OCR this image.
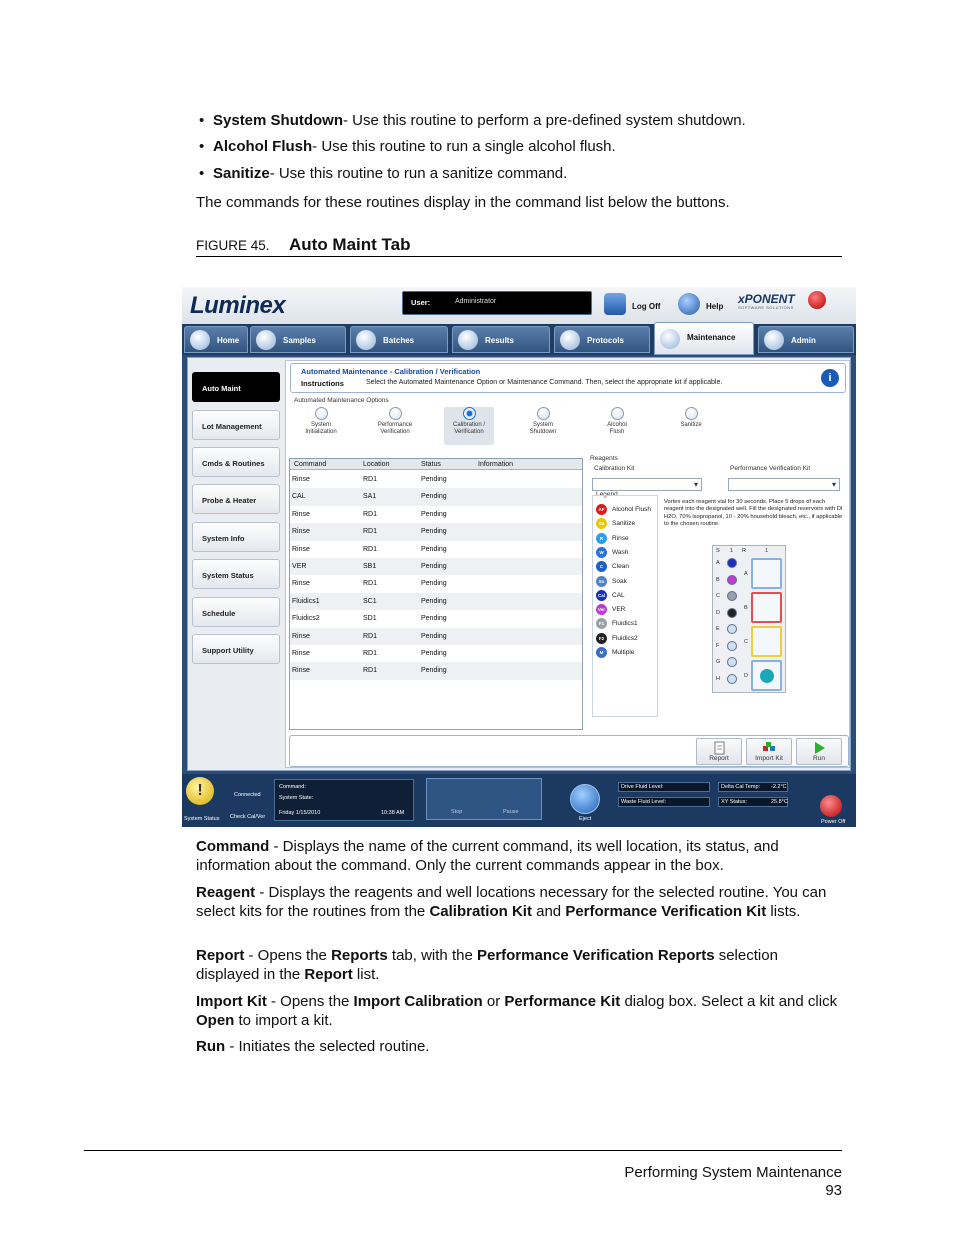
• System Shutdown- Use this routine to perform a pre-defined system shutdown.
• Alcohol Flush- Use this routine to run a single alcohol flush.
• Sanitize- Use this routine to run a sanitize command.
The commands for these routines display in the command list below the buttons.
FIGURE 45. Auto Maint Tab
Luminex	User:	Administrator
Log Off	Help
xPONENT
SOFTWARE SOLUTIONS
Home	Samples	Batches	Results	Protocols	Maintenance	Admin
Auto Maint
Lot Management
Cmds & Routines
Probe & Heater
System Info
System Status
Schedule
Support Utility
Automated Maintenance - Calibration / Verification
Instructions	Select the Automated Maintenance Option or Maintenance Command. Then, select the appropriate kit if applicable.	i
Automated Maintenance Options
System
Initialization
Performance
Verification
Calibration /
Verification
System
Shutdown
Alcohol
Flush
Sanitize
Command	Location	Status	Information
Rinse	RD1	Pending
CAL	SA1	Pending
Rinse	RD1	Pending
Rinse	RD1	Pending
Rinse	RD1	Pending
VER	SB1	Pending
Rinse	RD1	Pending
Fluidics1	SC1	Pending
Fluidics2	SD1	Pending
Rinse	RD1	Pending
Rinse	RD1	Pending
Rinse	RD1	Pending
Reagents
Calibration Kit
▾	Performance Verification Kit
▾
Legend
AF	Alcohol Flush
Sa	Sanitize
R	Rinse
W	Wash
C	Clean
So	Soak
Cal	CAL
Ver	VER
F1	Fluidics1
F2	Fluidics2
M	Multiple
Vortex each reagent vial for 30 seconds. Place 5 drops of each reagent into the designated well. Fill the designated reservoirs with DI H2O, 70% isopropanol, 10 - 20% household bleach, etc., if applicable to the chosen routine.
S 1 R	1
A
B
C
D
A
B
C
D
E
F
G
H
Report	Import Kit	Run
!
System Status
Connected
Check Cal/Ver
Command:
System State:
Friday 1/15/2010	10:38 AM	Stop	Pause
Eject
Drive Fluid Level:
Waste Fluid Level:
Delta Cal Temp: -2.2°C
XY Status:	25.8°C
Power Off
Command - Displays the name of the current command, its well location, its status, and information about the command. Only the current commands appear in the box.
Reagent - Displays the reagents and well locations necessary for the selected routine. You can select kits for the routines from the Calibration Kit and Performance Verification Kit lists.
Report - Opens the Reports tab, with the Performance Verification Reports selection displayed in the Report list.
Import Kit - Opens the Import Calibration or Performance Kit dialog box. Select a kit and click Open to import a kit.
Run - Initiates the selected routine.
Performing System Maintenance
93
